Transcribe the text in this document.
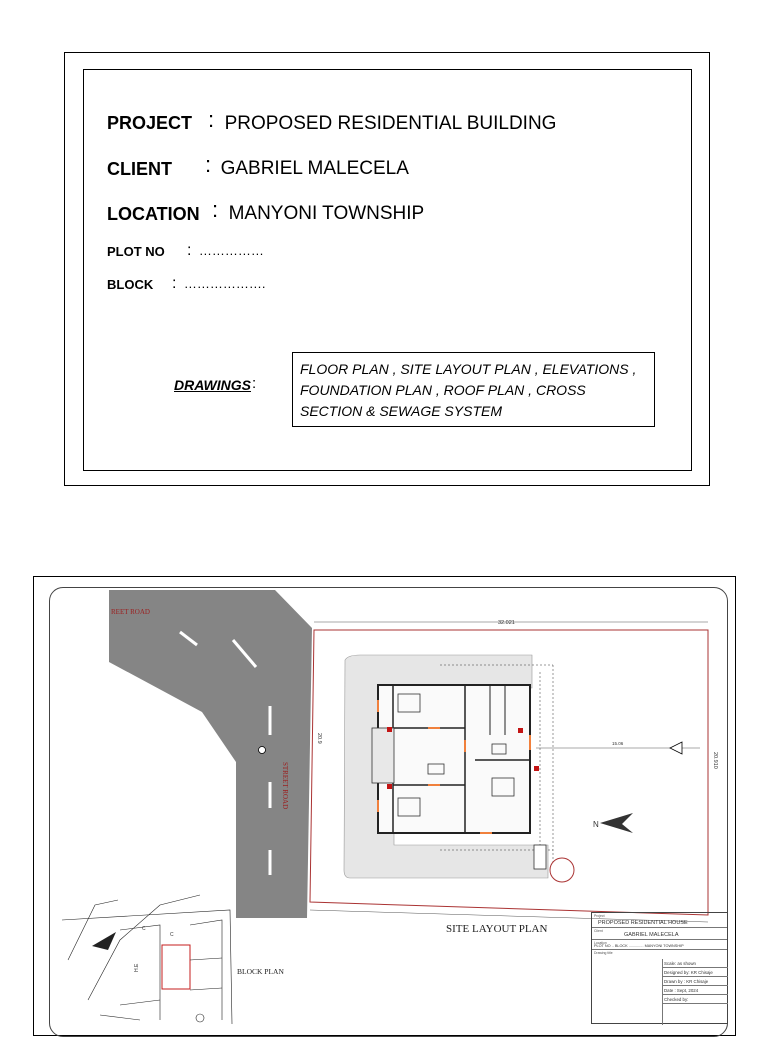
PROJECT : PROPOSED RESIDENTIAL BUILDING
CLIENT : GABRIEL MALECELA
LOCATION : MANYONI TOWNSHIP
PLOT NO : ……………
BLOCK : ……………….
DRAWINGS :
FLOOR PLAN , SITE LAYOUT PLAN , ELEVATIONS ,
FOUNDATION PLAN , ROOF PLAN , CROSS
SECTION & SEWAGE SYSTEM
REET ROAD
STREET ROAD
32.021
20.910
20.9	15.06
N
H.E
C
C
BLOCK PLAN
SITE LAYOUT PLAN
Project
PROPOSED RESIDENTIAL HOUSE
Client
GABRIEL MALECELA
Location
PLOT NO .. BLOCK .............. MANYONI TOWNSHIP
Drawing title
Scale: as shown
Designed by: KR Chisaje
Drawn by : KR Chisaje
Date : Sept, 2024
Checked by:
